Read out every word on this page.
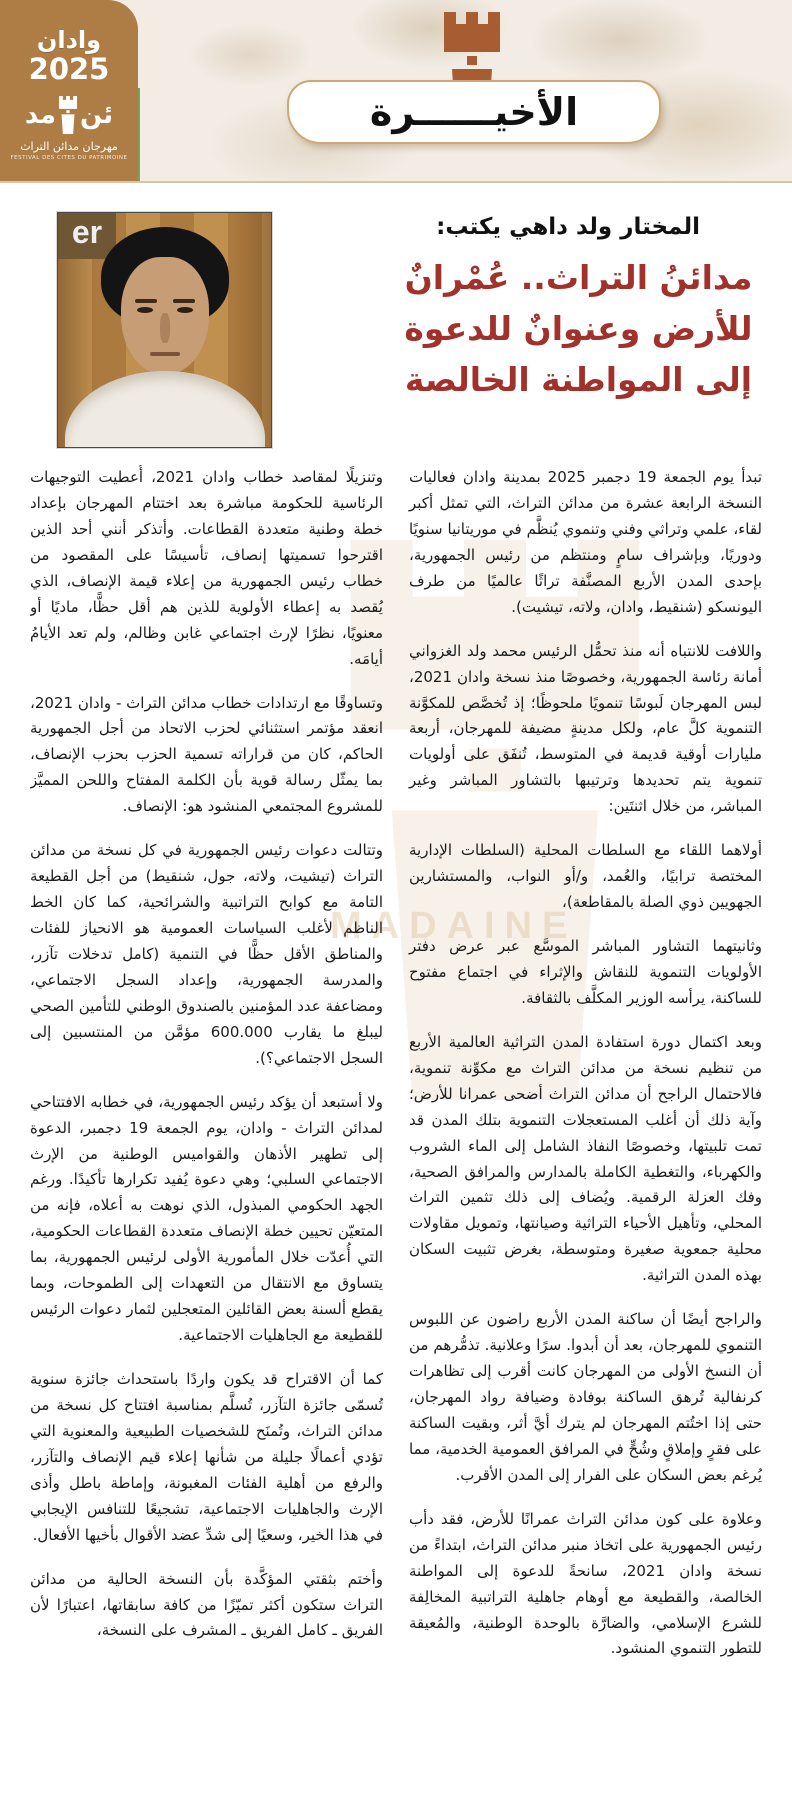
الأخيــــــرة
وادان
2025
ئن
مد
مهرجان مدائن التراث
FESTIVAL DES CITES DU PATRIMOINE
المختار ولد داهي يكتب:
مدائنُ التراث.. عُمْرانٌ
للأرض وعنوانٌ للدعوة
إلى المواطنة الخالصة
er
MADAINE

تبدأ يوم الجمعة 19 دجمبر 2025 بمدينة وادان فعاليات النسخة الرابعة عشرة من مدائن التراث، التي تمثل أكبر لقاء، علمي وتراثي وفني وتنموي يُنظَّم في موريتانيا سنويًا ودوريًا، وبإشراف سامٍ ومنتظم من رئيس الجمهورية، بإحدى المدن الأربع المصنَّفة تراثًا عالميًا من طرف اليونسكو (شنقيط، وادان، ولاته، تيشيت).

واللافت للانتباه أنه منذ تحمُّل الرئيس محمد ولد الغزواني أمانة رئاسة الجمهورية، وخصوصًا منذ نسخة وادان 2021، لبس المهرجان لَبوسًا تنمويًا ملحوظًا؛ إذ تُخصَّص للمكوَّنة التنموية كلَّ عام، ولكل مدينةٍ مضيفة للمهرجان، أربعة مليارات أوقية قديمة في المتوسط، تُنفَق على أولويات تنموية يتم تحديدها وترتيبها بالتشاور المباشر وغير المباشر، من خلال اثنتَين:

أولاهما اللقاء مع السلطات المحلية (السلطات الإدارية المختصة ترابيًا، والعُمد، و/أو النواب، والمستشارين الجهويين ذوي الصلة بالمقاطعة)،

وثانيتهما التشاور المباشر الموسَّع عبر عرض دفتر الأولويات التنموية للنقاش والإثراء في اجتماع مفتوح للساكنة، يرأسه الوزير المكلَّف بالثقافة.

وبعد اكتمال دورة استفادة المدن التراثية العالمية الأربع من تنظيم نسخة من مدائن التراث مع مكوِّنة تنموية، فالاحتمال الراجح أن مدائن التراث أضحى عمرانا للأرض؛ وآية ذلك أن أغلب المستعجلات التنموية بتلك المدن قد تمت تلبيتها، وخصوصًا النفاذ الشامل إلى الماء الشروب والكهرباء، والتغطية الكاملة بالمدارس والمرافق الصحية، وفك العزلة الرقمية. ويُضاف إلى ذلك تثمين التراث المحلي، وتأهيل الأحياء التراثية وصيانتها، وتمويل مقاولات محلية جمعوية صغيرة ومتوسطة، بغرض تثبيت السكان بهذه المدن التراثية.

والراجح أيضًا أن ساكنة المدن الأربع راضون عن اللبوس التنموي للمهرجان، بعد أن أبدوا. سرًا وعلانية. تذمُّرهم من أن النسخ الأولى من المهرجان كانت أقرب إلى تظاهرات كرنفالية تُرهق الساكنة بوفادة وضيافة رواد المهرجان، حتى إذا اختُتم المهرجان لم يترك أيَّ أثر، وبقيت الساكنة على فقرٍ وإملاقٍ وشُحٍّ في المرافق العمومية الخدمية، مما يُرغم بعض السكان على الفرار إلى المدن الأقرب.

وعلاوة على كون مدائن التراث عمرانًا للأرض، فقد دأب رئيس الجمهورية على اتخاذ منبر مدائن التراث، ابتداءً من نسخة وادان 2021، سانحةً للدعوة إلى المواطنة الخالصة، والقطيعة مع أوهام جاهلية التراتبية المخالِفة للشرع الإسلامي، والضارَّة بالوحدة الوطنية، والمُعيقة للتطور التنموي المنشود.

وتنزيلًا لمقاصد خطاب وادان 2021، أُعطيت التوجيهات الرئاسية للحكومة مباشرة بعد اختتام المهرجان بإعداد خطة وطنية متعددة القطاعات. وأتذكر أنني أحد الذين اقترحوا تسميتها إنصاف، تأسيسًا على المقصود من خطاب رئيس الجمهورية من إعلاء قيمة الإنصاف، الذي يُقصد به إعطاء الأولوية للذين هم أقل حظًّا، ماديًا أو معنويًا، نظرًا لإرث اجتماعي غابن وظالم، ولم تعد الأيامُ أيامَه.

وتساوقًا مع ارتدادات خطاب مدائن التراث - وادان 2021، انعقد مؤتمر استثنائي لحزب الاتحاد من أجل الجمهورية الحاكم، كان من قراراته تسمية الحزب بحزب الإنصاف، بما يمثّل رسالة قوية بأن الكلمة المفتاح واللحن المميَّز للمشروع المجتمعي المنشود هو: الإنصاف.

وتتالت دعوات رئيس الجمهورية في كل نسخة من مدائن التراث (تيشيت، ولاته، جول، شنقيط) من أجل القطيعة التامة مع كوابح التراتبية والشرائحية، كما كان الخط الناظم لأغلب السياسات العمومية هو الانحياز للفئات والمناطق الأقل حظًّا في التنمية (كامل تدخلات تآزر، والمدرسة الجمهورية، وإعداد السجل الاجتماعي، ومضاعفة عدد المؤمنين بالصندوق الوطني للتأمين الصحي ليبلغ ما يقارب 600.000 مؤمَّن من المنتسبين إلى السجل الاجتماعي؟).

ولا أستبعد أن يؤكد رئيس الجمهورية، في خطابه الافتتاحي لمدائن التراث - وادان، يوم الجمعة 19 دجمبر، الدعوة إلى تطهير الأذهان والقواميس الوطنية من الإرث الاجتماعي السلبي؛ وهي دعوة يُفيد تكرارها تأكيدًا. ورغم الجهد الحكومي المبذول، الذي نوهت به أعلاه، فإنه من المتعيّن تحيين خطة الإنصاف متعددة القطاعات الحكومية، التي أُعدّت خلال المأمورية الأولى لرئيس الجمهورية، بما يتساوق مع الانتقال من التعهدات إلى الطموحات، وبما يقطع ألسنة بعض القائلين المتعجلين لثمار دعوات الرئيس للقطيعة مع الجاهليات الاجتماعية.

كما أن الاقتراح قد يكون واردًا باستحداث جائزة سنوية تُسمّى جائزة التآزر، تُسلَّم بمناسبة افتتاح كل نسخة من مدائن التراث، وتُمنَح للشخصيات الطبيعية والمعنوية التي تؤدي أعمالًا جليلة من شأنها إعلاء قيم الإنصاف والتآزر، والرفع من أهلية الفئات المغبونة، وإماطة باطل وأذى الإرث والجاهليات الاجتماعية، تشجيعًا للتنافس الإيجابي في هذا الخير، وسعيًا إلى شدِّ عضد الأقوال بأخيها الأفعال.

وأختم بثقتي المؤكَّدة بأن النسخة الحالية من مدائن التراث ستكون أكثر تميّزًا من كافة سابقاتها، اعتبارًا لأن الفريق ـ كامل الفريق ـ المشرف على النسخة،
